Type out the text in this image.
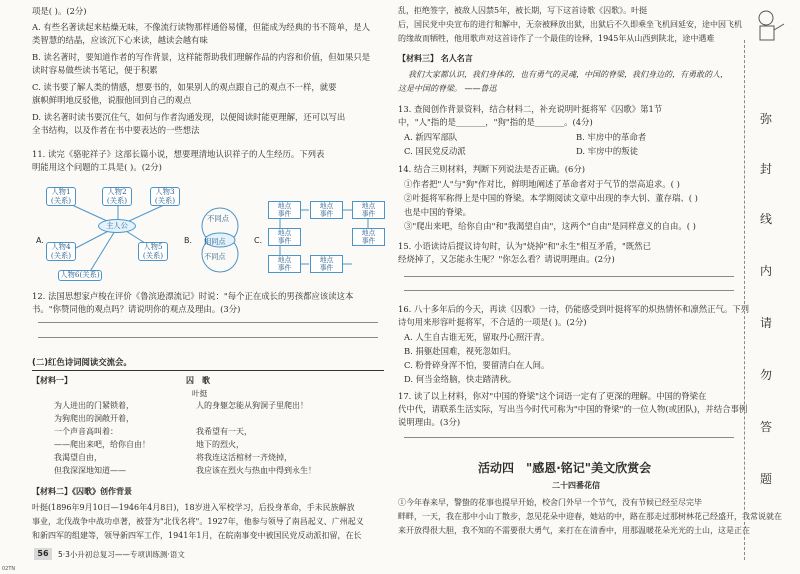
项是( )。(2分)
A. 有些名著读起来枯燥无味，不像流行读物那样通俗易懂，但能成为经典的书不简单，是人
类智慧的结晶，应该沉下心来读，越读会越有味
B. 读名著时，要知道作者的写作背景，这样能帮助我们理解作品的内容和价值，但如果只是
读时容易做些读书笔记，便于积累
C. 读书要了解人类的情感，想要书的，如果别人的观点跟自己的观点不一样，就要
旗帜鲜明地反驳他，说服他回到自己的观点
D. 读名著时读书要沉住气，如何与作者沟通发现，以便阅读时能更理解，还可以写出
全书结构，以及作者在书中要表达的一些想法
11. 读完《骆驼祥子》这部长篇小说，想要理清地认识祥子的人生经历。下列表
明能用这个问题的工具是( )。(2分)
A.
人物1
(关系)
人物2
(关系)
人物3
(关系)
主人公
人物4
(关系)
人物5
(关系)
人物6(关系)
B.
不同点
相同点
不同点
C.
地点
事件
地点
事件
地点
事件
地点
事件
地点
事件
地点
事件
地点
事件
12. 法国思想家卢梭在评价《鲁滨逊漂流记》时说："每个正在成长的男孩都应该读这本
书。"你赞同他的观点吗？请说明你的观点及理由。(3分)
(二)红色诗词阅读交流会。
【材料一】	囚　歌
叶挺
为人进出的门紧锁着，
为狗爬出的洞敞开着，
一个声音高叫着：
——爬出来吧，给你自由！
我渴望自由，
但我深深地知道——
人的身躯怎能从狗洞子里爬出！

我希望有一天，
地下的烈火，
将我连这活棺材一齐烧掉，
我应该在烈火与热血中得到永生！
【材料二】《囚歌》创作背景
叶挺(1896年9月10日—1946年4月8日)，18岁进入军校学习，后投身革命，手未民族解放
事业，北伐战争中战功卓著，被誉为"北伐名将"。1927年，他参与领导了南昌起义、广州起义
和新四军的组建等，领导新四军工作，1941年1月，在皖南事变中被国民党反动派扣留，在长
乱，拒绝签字，被敌人囚禁5年，被长期，写下这首诗歌《囚歌》。叶挺
后，国民党中央宣布的进行和解中，无奈被释放出狱，出狱后不久即乘坐飞机回延安，途中因飞机
的缘故而牺牲，他用歌声对这首诗作了一个最佳的诠释，1945年从山西到陕北，途中遇难
【材料三】 名人名言
我们大家都认识，我们身体的，也有勇气的灵魂，中国的脊梁，我们身边的，有勇敢的人，
这是中国的脊梁。 ——鲁迅
13. 查阅创作背景资料，结合材料二，补充说明叶挺将军《囚歌》第1节
中，"人"指的是_______，"狗"指的是_______。(4分)
A. 新四军部队	B. 牢房中的革命者
C. 国民党反动派	D. 牢房中的叛徒
14. 结合三则材料，判断下列说法是否正确。(6分)
①作者把"人"与"狗"作对比，鲜明地阐述了革命者对于气节的崇高追求。( )
②叶挺将军称得上是中国的脊梁。本学期阅读文章中出现的李大钊、董存瑞、( )
也是中国的脊梁。
③"爬出来吧，给你自由"和"我渴望自由"，这两个"自由"是同样意义的自由。( )
15. 小语读诗后提议诗句时，认为"烧掉"和"永生"相互矛盾，"既然已
经烧掉了，又怎能永生呢？"你怎么看？请说明理由。(2分)
16. 八十多年后的今天，再读《囚歌》一诗，仍能感受到叶挺将军的炽热情怀和凛然正气。下列
诗句用来形容叶挺将军，不合适的一项是( )。(2分)
A. 人生自古谁无死，留取丹心照汗青。
B. 捐躯赴国难，视死忽如归。
C. 粉骨碎身浑不怕，要留清白在人间。
D. 何当金络脑，快走踏清秋。
17. 读了以上材料，你对"中国的脊梁"这个词语一定有了更深的理解。中国的脊梁在
代中代，请联系生活实际，写出当今时代可称为"中国的脊梁"的一位人物(或团队)，并结合事例
说明理由。(3分)
活动四　"感恩·铭记"美文欣赏会
二十四番花信
①今年春来早，警蛰的花事也提早开始，校舍门外早一个节气，没有节候已经至尽完毕
畔畔，一天，我在那中小山丁散步，忽见花朵中迎春，她站的中，路在那走过那树林花己经盛开，我常说就在
来开放得很大胆，我不知的不需要很大勇气，来打在在清香中，用那温暖花朵光光的土山，这是正在
弥
封
线
内
请
勿
答
题
56	5·3小升初总复习——专项训练测·语文
02TN
